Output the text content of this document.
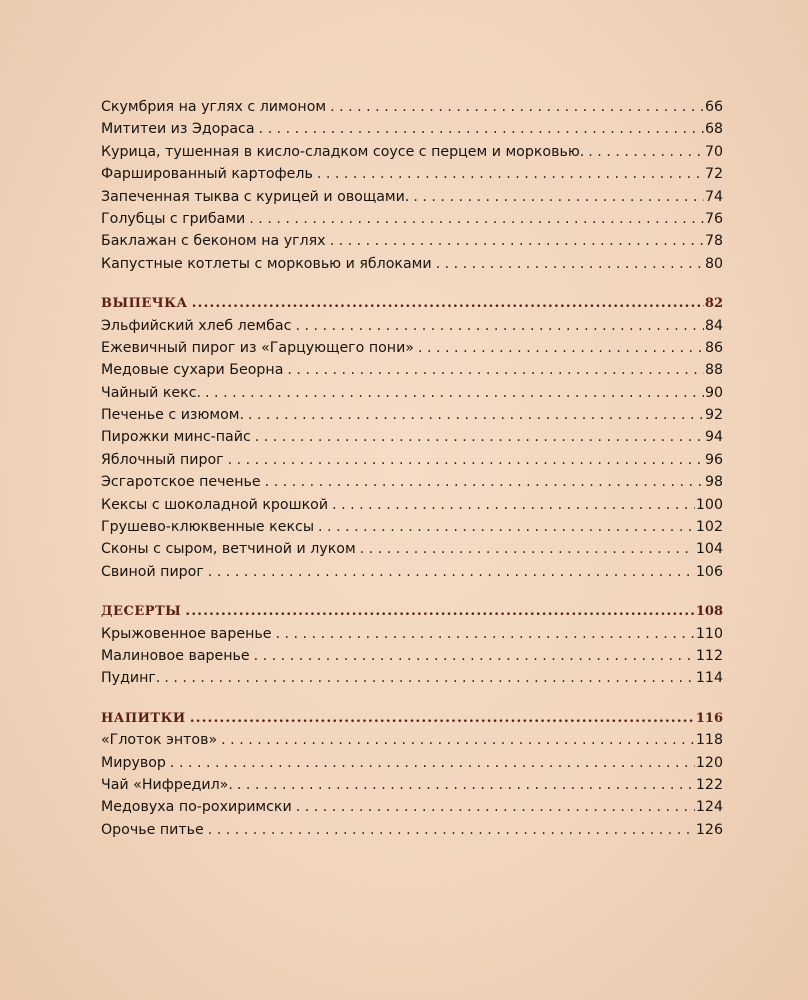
Скумбрия на углях с лимоном . . .	66
Мититеи из Эдораса . . .	68
Курица, тушенная в кисло-сладком соусе с перцем и морковью. . . .	70
Фаршированный картофель . . .	72
Запеченная тыква с курицей и овощами. . . .	74
Голубцы с грибами . . .	76
Баклажан с беконом на углях . . .	78
Капустные котлеты с морковью и яблоками . . .	80
ВЫПЕЧКА .....	82
Эльфийский хлеб лембас . . .	84
Ежевичный пирог из «Гарцующего пони» . . .	86
Медовые сухари Беорна . . .	88
Чайный кекс. . . .	90
Печенье с изюмом. . . .	92
Пирожки минс-пайс . . .	94
Яблочный пирог . . .	96
Эсгаротское печенье . . .	98
Кексы с шоколадной крошкой . . .	100
Грушево-клюквенные кексы . . .	102
Сконы с сыром, ветчиной и луком . . .	104
Свиной пирог . . .	106
ДЕСЕРТЫ .....	108
Крыжовенное варенье . . .	110
Малиновое варенье . . .	112
Пудинг. . . .	114
НАПИТКИ .....	116
«Глоток энтов» . . .	118
Мирувор . . .	120
Чай «Нифредил». . . .	122
Медовуха по-рохиримски . . .	124
Орочье питье . . .	126
